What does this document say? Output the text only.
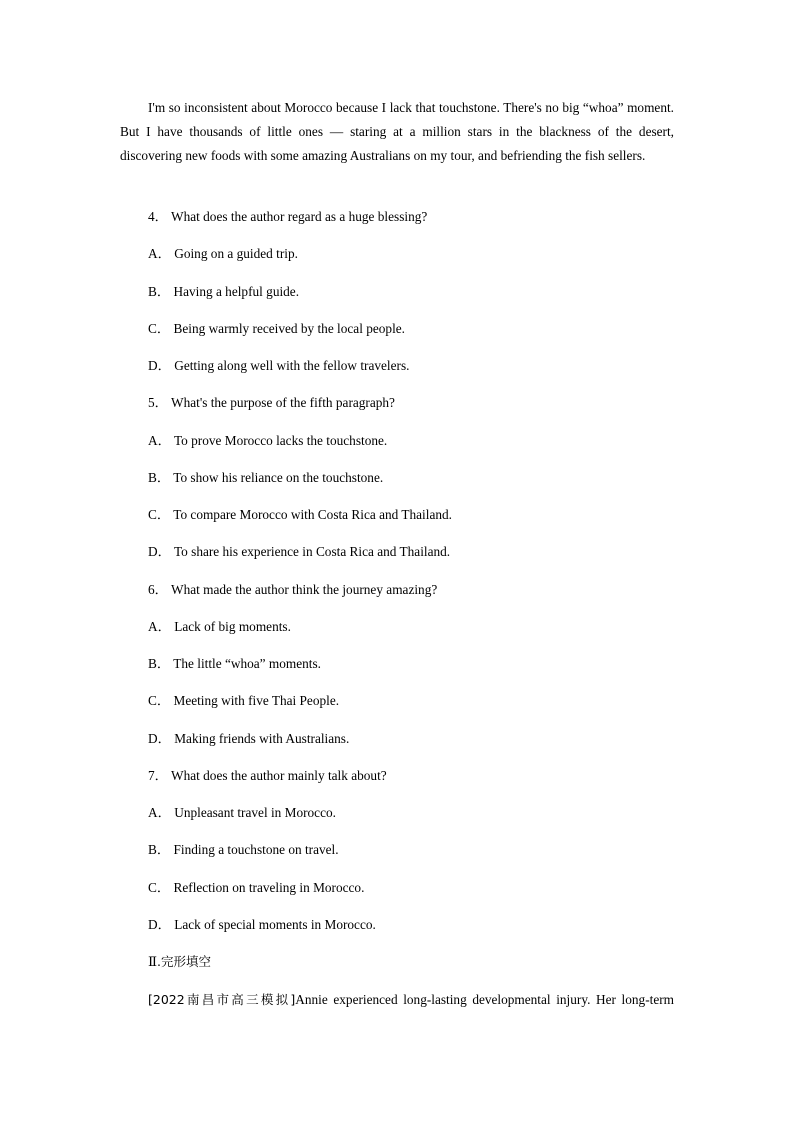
I'm so inconsistent about Morocco because I lack that touchstone. There's no big “whoa” moment. But I have thousands of little ones — staring at a million stars in the blackness of the desert, discovering new foods with some amazing Australians on my tour, and befriending the fish sellers.

4． What does the author regard as a huge blessing?

A． Going on a guided trip.

B． Having a helpful guide.

C． Being warmly received by the local people.

D． Getting along well with the fellow travelers.

5． What's the purpose of the fifth paragraph?

A． To prove Morocco lacks the touchstone.

B． To show his reliance on the touchstone.

C． To compare Morocco with Costa Rica and Thailand.

D． To share his experience in Costa Rica and Thailand.

6． What made the author think the journey amazing?

A． Lack of big moments.

B． The little “whoa” moments.

C． Meeting with five Thai People.

D． Making friends with Australians.

7． What does the author mainly talk about?

A． Unpleasant travel in Morocco.

B． Finding a touchstone on travel.

C． Reflection on traveling in Morocco.

D． Lack of special moments in Morocco.

Ⅱ.完形填空

[2022南昌市高三模拟]Annie experienced long-lasting developmental injury. Her long-term
